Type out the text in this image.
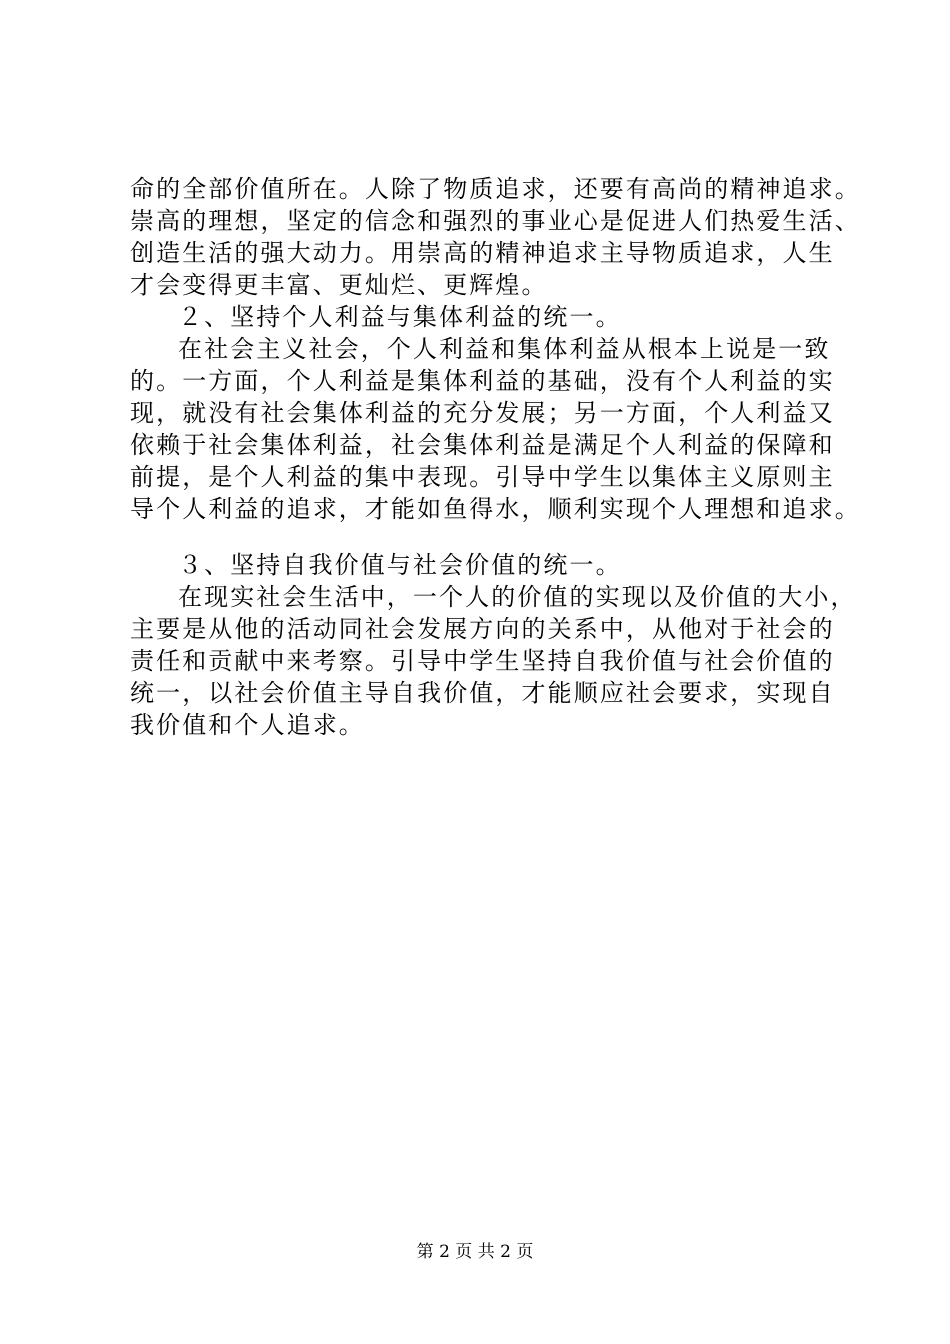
命的全部价值所在。人除了物质追求，还要有高尚的精神追求。
崇高的理想，坚定的信念和强烈的事业心是促进人们热爱生活、
创造生活的强大动力。用崇高的精神追求主导物质追求，人生
才会变得更丰富、更灿烂、更辉煌。
２、坚持个人利益与集体利益的统一。
在社会主义社会，个人利益和集体利益从根本上说是一致
的。一方面，个人利益是集体利益的基础，没有个人利益的实
现，就没有社会集体利益的充分发展；另一方面，个人利益又
依赖于社会集体利益，社会集体利益是满足个人利益的保障和
前提，是个人利益的集中表现。引导中学生以集体主义原则主
导个人利益的追求，才能如鱼得水，顺利实现个人理想和追求。
３、坚持自我价值与社会价值的统一。
在现实社会生活中，一个人的价值的实现以及价值的大小，
主要是从他的活动同社会发展方向的关系中，从他对于社会的
责任和贡献中来考察。引导中学生坚持自我价值与社会价值的
统一，以社会价值主导自我价值，才能顺应社会要求，实现自
我价值和个人追求。
第 2 页 共 2 页
